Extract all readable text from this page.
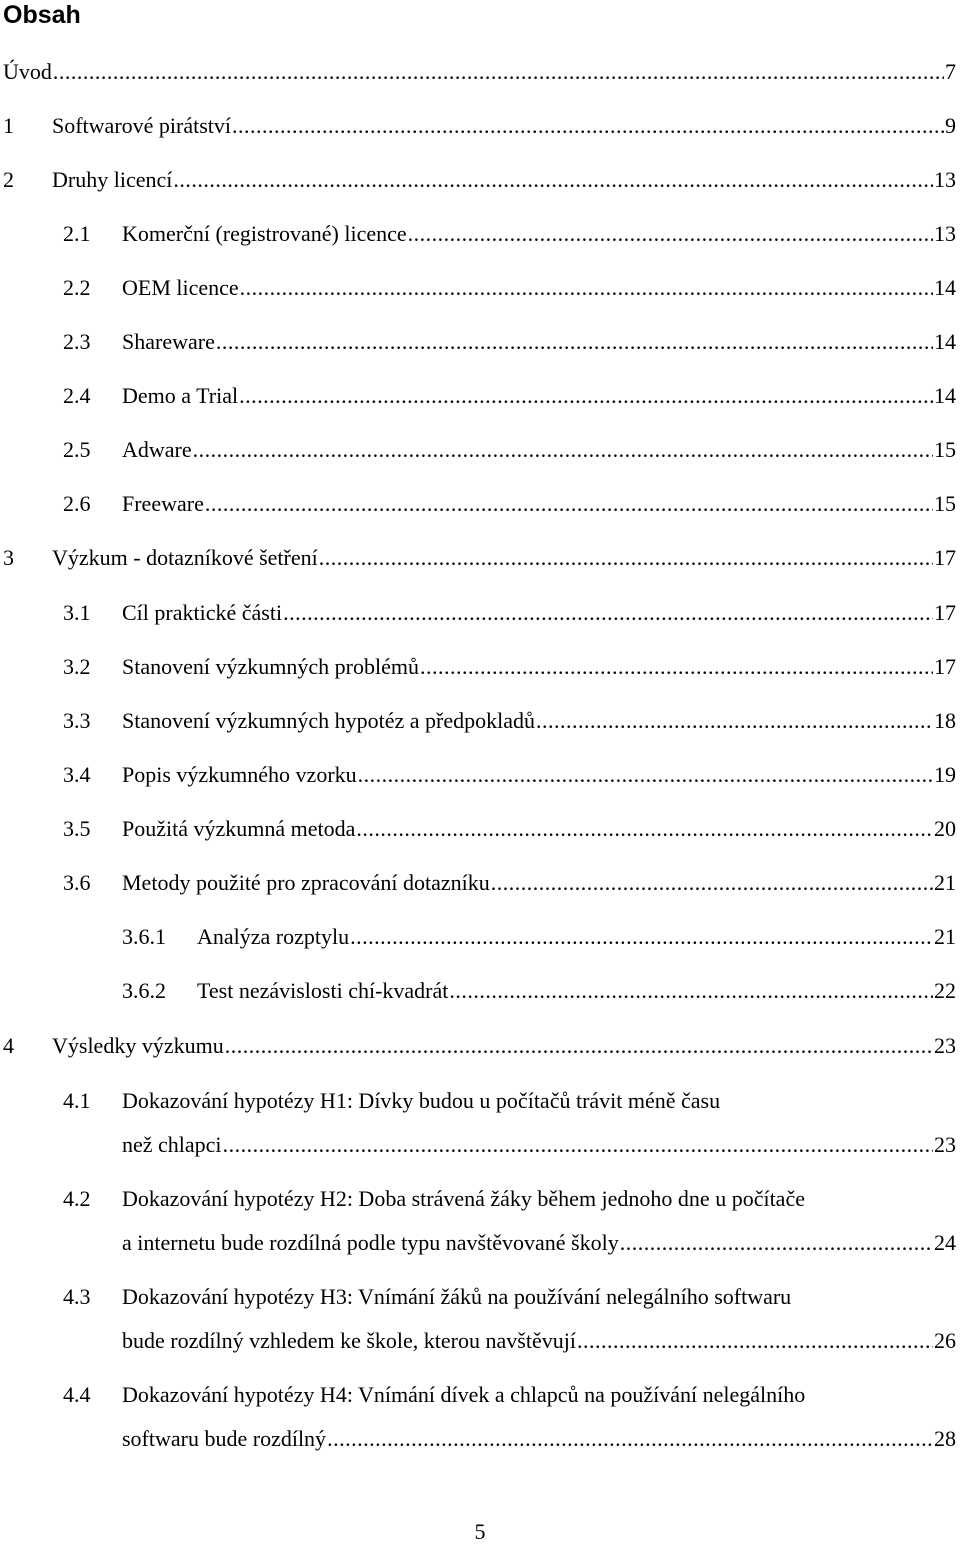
Obsah
Úvod .....	7
1 Softwarové pirátství .....	9
2 Druhy licencí .....	13
2.1 Komerční (registrované) licence .....	13
2.2 OEM licence .....	14
2.3 Shareware .....	14
2.4 Demo a Trial .....	14
2.5 Adware .....	15
2.6 Freeware .....	15
3 Výzkum - dotazníkové šetření .....	17
3.1 Cíl praktické části .....	17
3.2 Stanovení výzkumných problémů .....	17
3.3 Stanovení výzkumných hypotéz a předpokladů .....	18
3.4 Popis výzkumného vzorku .....	19
3.5 Použitá výzkumná metoda .....	20
3.6 Metody použité pro zpracování dotazníku .....	21
3.6.1 Analýza rozptylu .....	21
3.6.2 Test nezávislosti chí-kvadrát .....	22
4 Výsledky výzkumu .....	23
4.1 Dokazování hypotézy H1: Dívky budou u počítačů trávit méně času
než chlapci .....	23
4.2 Dokazování hypotézy H2: Doba strávená žáky během jednoho dne u počítače
a internetu bude rozdílná podle typu navštěvované školy .....	24
4.3 Dokazování hypotézy H3: Vnímání žáků na používání nelegálního softwaru
bude rozdílný vzhledem ke škole, kterou navštěvují .....	26
4.4 Dokazování hypotézy H4: Vnímání dívek a chlapců na používání nelegálního
softwaru bude rozdílný .....	28
5
